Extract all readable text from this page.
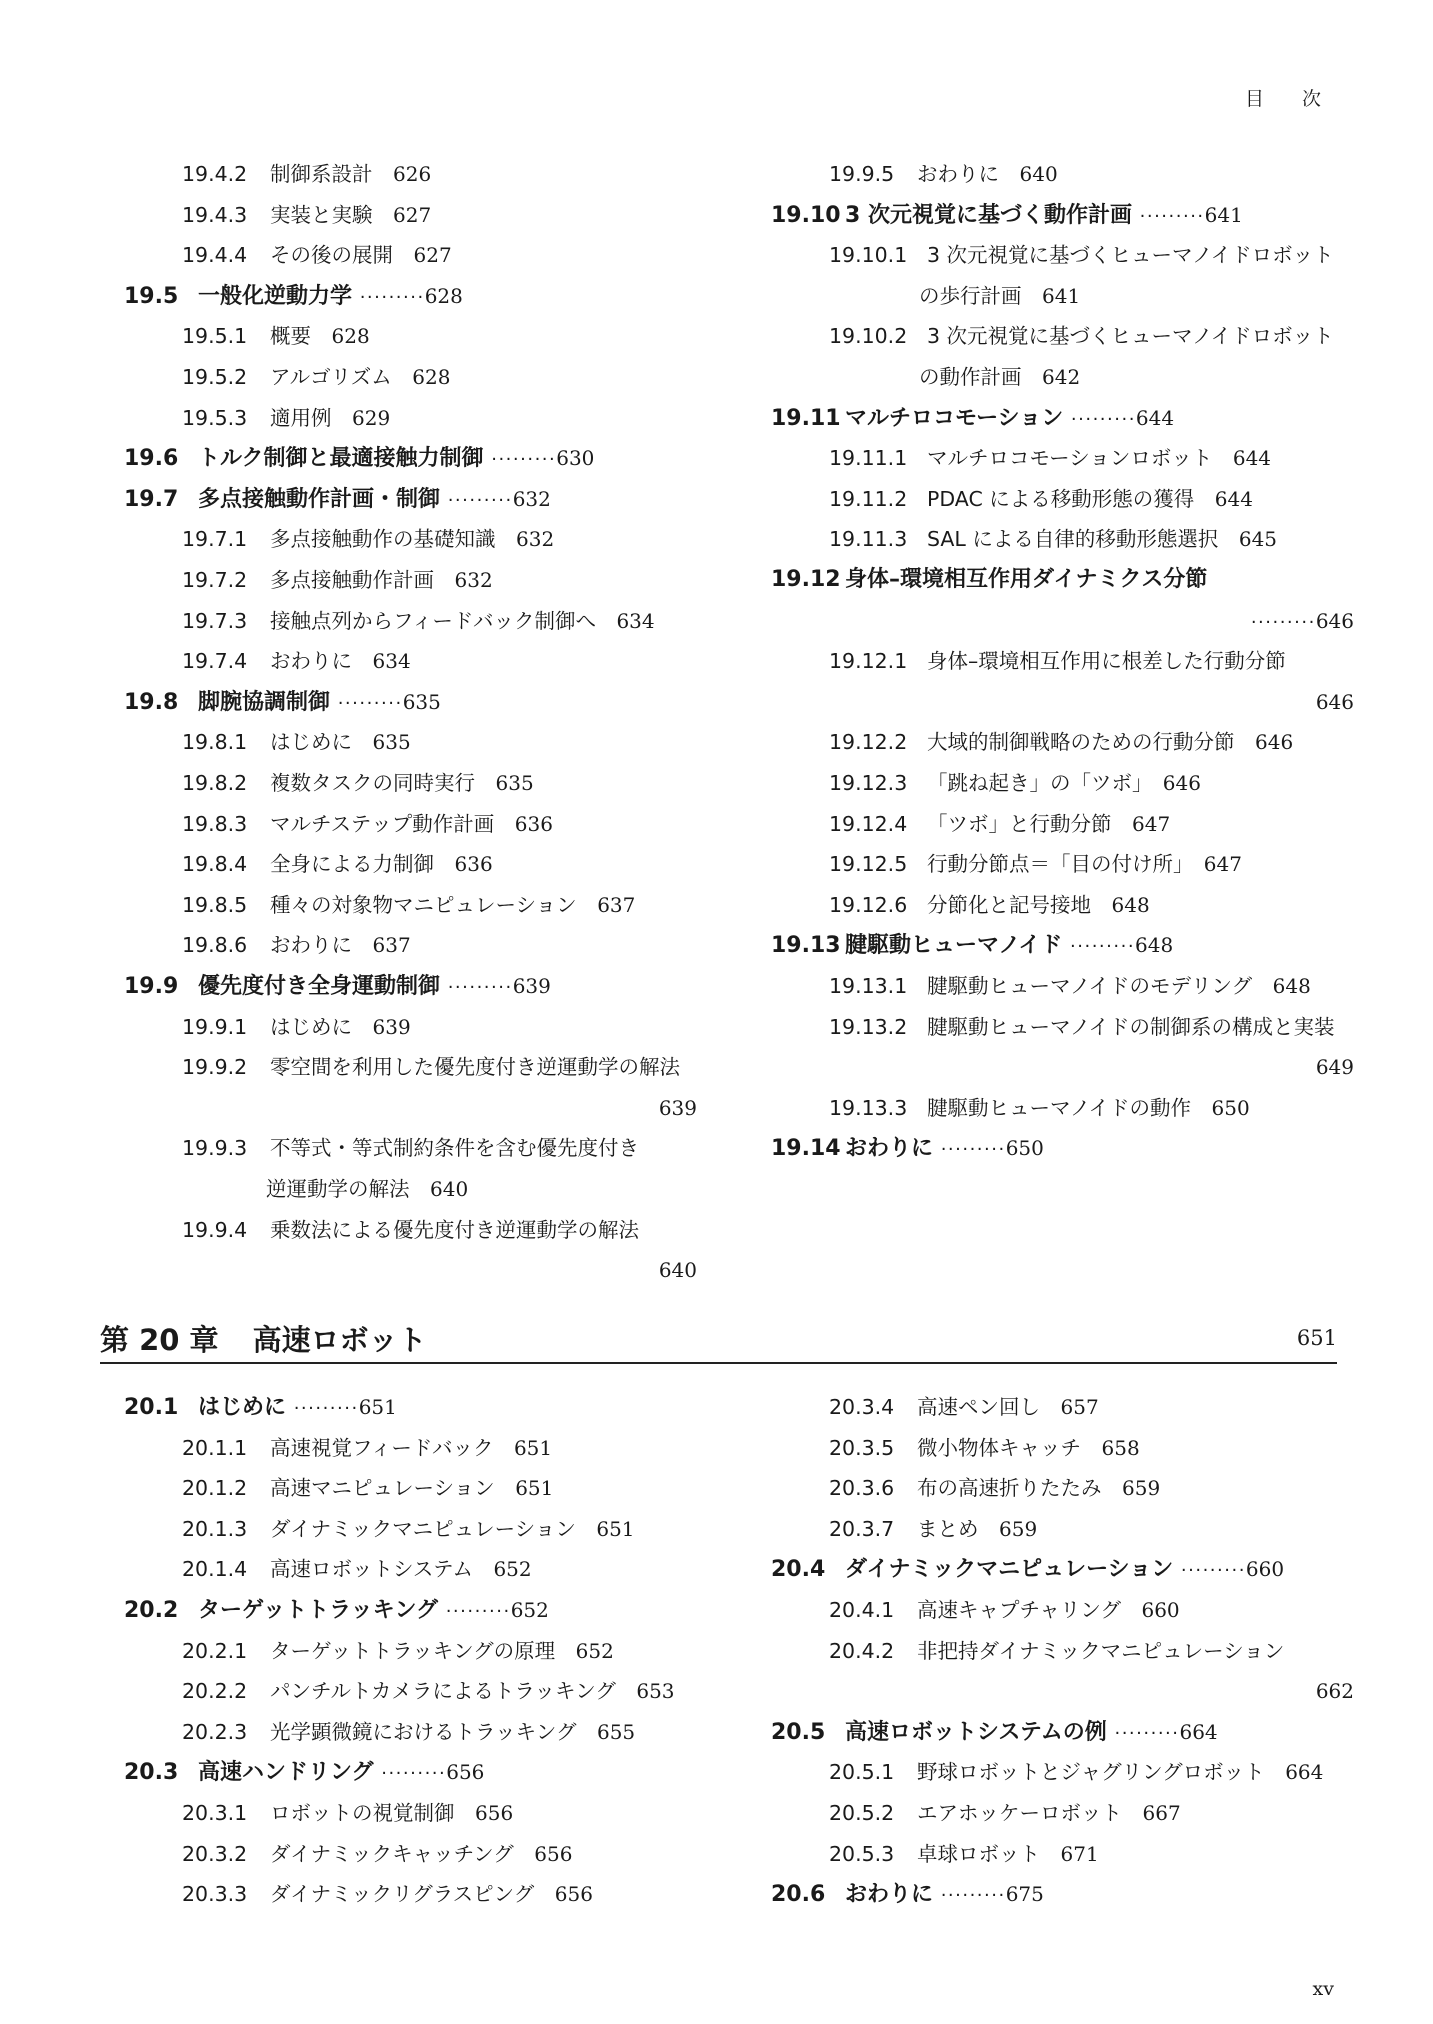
目 次
19.4.2 制御系設計　 626
19.4.3 実装と実験　 627
19.4.4 その後の展開　 627
19.5 一般化逆動力学 ·········628
19.5.1 概要　 628
19.5.2 アルゴリズム　 628
19.5.3 適用例　 629
19.6 トルク制御と最適接触力制御 ·········630
19.7 多点接触動作計画・制御 ·········632
19.7.1 多点接触動作の基礎知識　 632
19.7.2 多点接触動作計画　 632
19.7.3 接触点列からフィードバック制御へ　 634
19.7.4 おわりに　 634
19.8 脚腕協調制御 ·········635
19.8.1 はじめに　 635
19.8.2 複数タスクの同時実行　 635
19.8.3 マルチステップ動作計画　 636
19.8.4 全身による力制御　 636
19.8.5 種々の対象物マニピュレーション　 637
19.8.6 おわりに　 637
19.9 優先度付き全身運動制御 ·········639
19.9.1 はじめに　 639
19.9.2 零空間を利用した優先度付き逆運動学の解法
639
19.9.3 不等式・等式制約条件を含む優先度付き
逆運動学の解法　 640
19.9.4 乗数法による優先度付き逆運動学の解法
640
19.9.5 おわりに　 640
19.10 3 次元視覚に基づく動作計画 ·········641
19.10.1 3 次元視覚に基づくヒューマノイドロボット
の歩行計画　 641
19.10.2 3 次元視覚に基づくヒューマノイドロボット
の動作計画　 642
19.11 マルチロコモーション ·········644
19.11.1 マルチロコモーションロボット　 644
19.11.2 PDAC による移動形態の獲得　 644
19.11.3 SAL による自律的移動形態選択　 645
19.12 身体–環境相互作用ダイナミクス分節
·········646
19.12.1 身体–環境相互作用に根差した行動分節
646
19.12.2 大域的制御戦略のための行動分節　 646
19.12.3 「跳ね起き」の「ツボ」　 646
19.12.4 「ツボ」と行動分節　 647
19.12.5 行動分節点＝「目の付け所」　 647
19.12.6 分節化と記号接地　 648
19.13 腱駆動ヒューマノイド ·········648
19.13.1 腱駆動ヒューマノイドのモデリング　 648
19.13.2 腱駆動ヒューマノイドの制御系の構成と実装
649
19.13.3 腱駆動ヒューマノイドの動作　 650
19.14 おわりに ·········650
第 20 章 高速ロボット	651
20.1 はじめに ·········651
20.1.1 高速視覚フィードバック　 651
20.1.2 高速マニピュレーション　 651
20.1.3 ダイナミックマニピュレーション　 651
20.1.4 高速ロボットシステム　 652
20.2 ターゲットトラッキング ·········652
20.2.1 ターゲットトラッキングの原理　 652
20.2.2 パンチルトカメラによるトラッキング　 653
20.2.3 光学顕微鏡におけるトラッキング　 655
20.3 高速ハンドリング ·········656
20.3.1 ロボットの視覚制御　 656
20.3.2 ダイナミックキャッチング　 656
20.3.3 ダイナミックリグラスピング　 656
20.3.4 高速ペン回し　 657
20.3.5 微小物体キャッチ　 658
20.3.6 布の高速折りたたみ　 659
20.3.7 まとめ　 659
20.4 ダイナミックマニピュレーション ·········660
20.4.1 高速キャプチャリング　 660
20.4.2 非把持ダイナミックマニピュレーション
662
20.5 高速ロボットシステムの例 ·········664
20.5.1 野球ロボットとジャグリングロボット　 664
20.5.2 エアホッケーロボット　 667
20.5.3 卓球ロボット　 671
20.6 おわりに ·········675
xv
